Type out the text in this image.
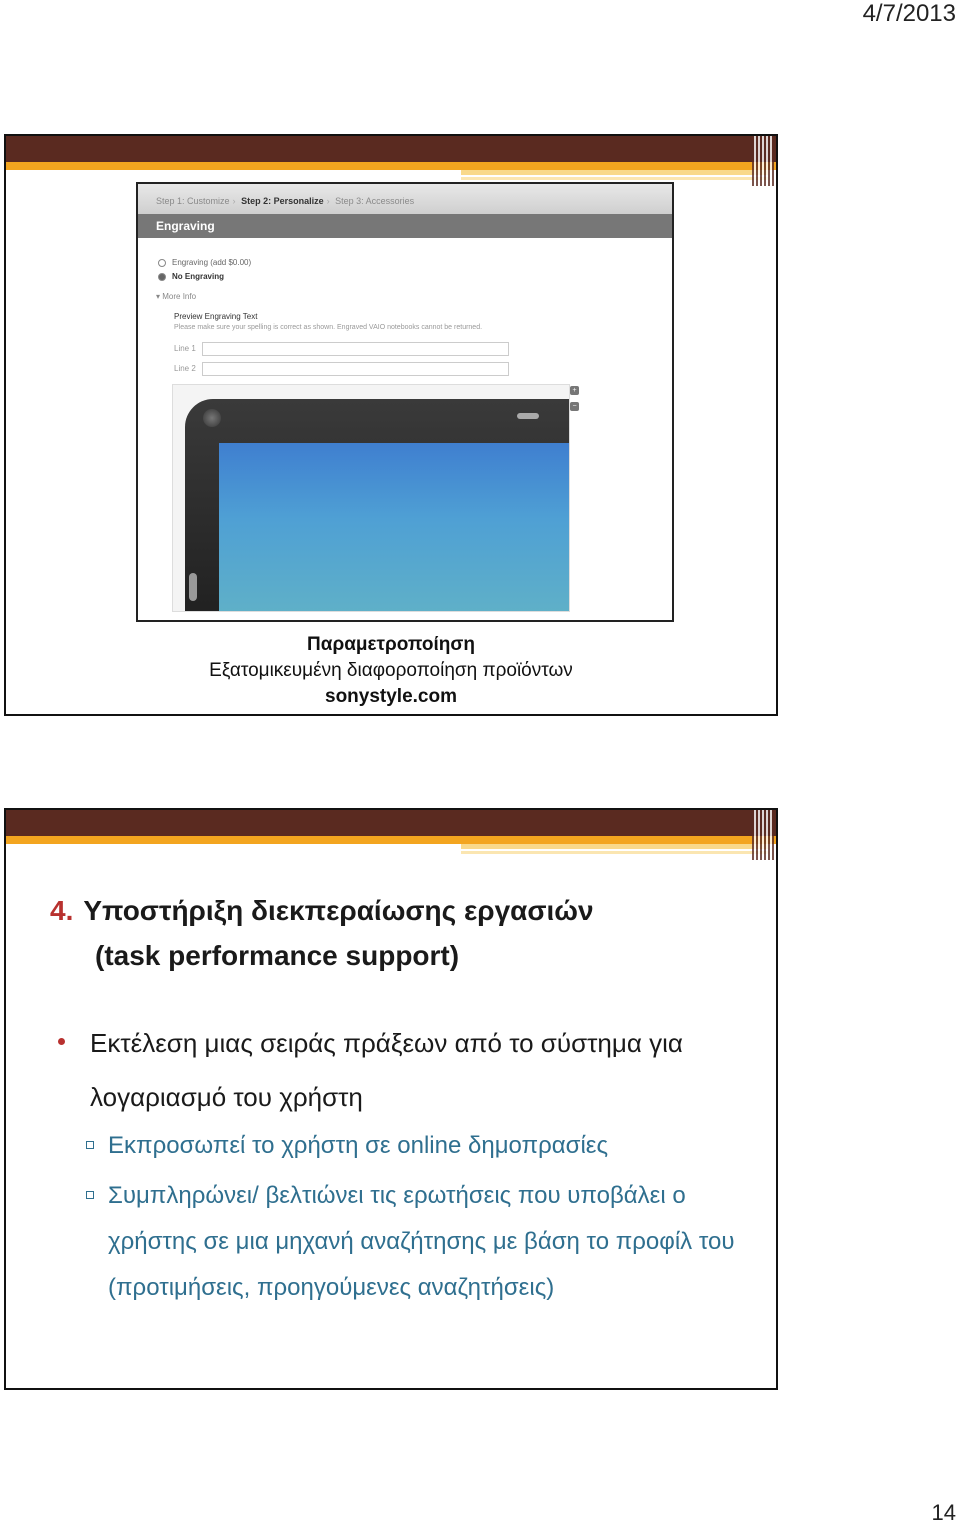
4/7/2013
Step 1: Customize › Step 2: Personalize › Step 3: Accessories
Engraving
Engraving (add $0.00)
No Engraving
▾ More Info
Preview Engraving Text
Please make sure your spelling is correct as shown. Engraved VAIO notebooks cannot be returned.
Line 1
Line 2
+
−
Παραμετροποίηση
Εξατομικευμένη διαφοροποίηση προϊόντων
sonystyle.com
4. Υποστήριξη διεκπεραίωσης εργασιών
(task performance support)
Εκτέλεση μιας σειράς πράξεων από το σύστημα για λογαριασμό του χρήστη
Εκπροσωπεί το χρήστη σε online δημοπρασίες
Συμπληρώνει/ βελτιώνει τις ερωτήσεις που υποβάλει ο χρήστης σε μια μηχανή αναζήτησης με βάση το προφίλ του (προτιμήσεις, προηγούμενες αναζητήσεις)
14
